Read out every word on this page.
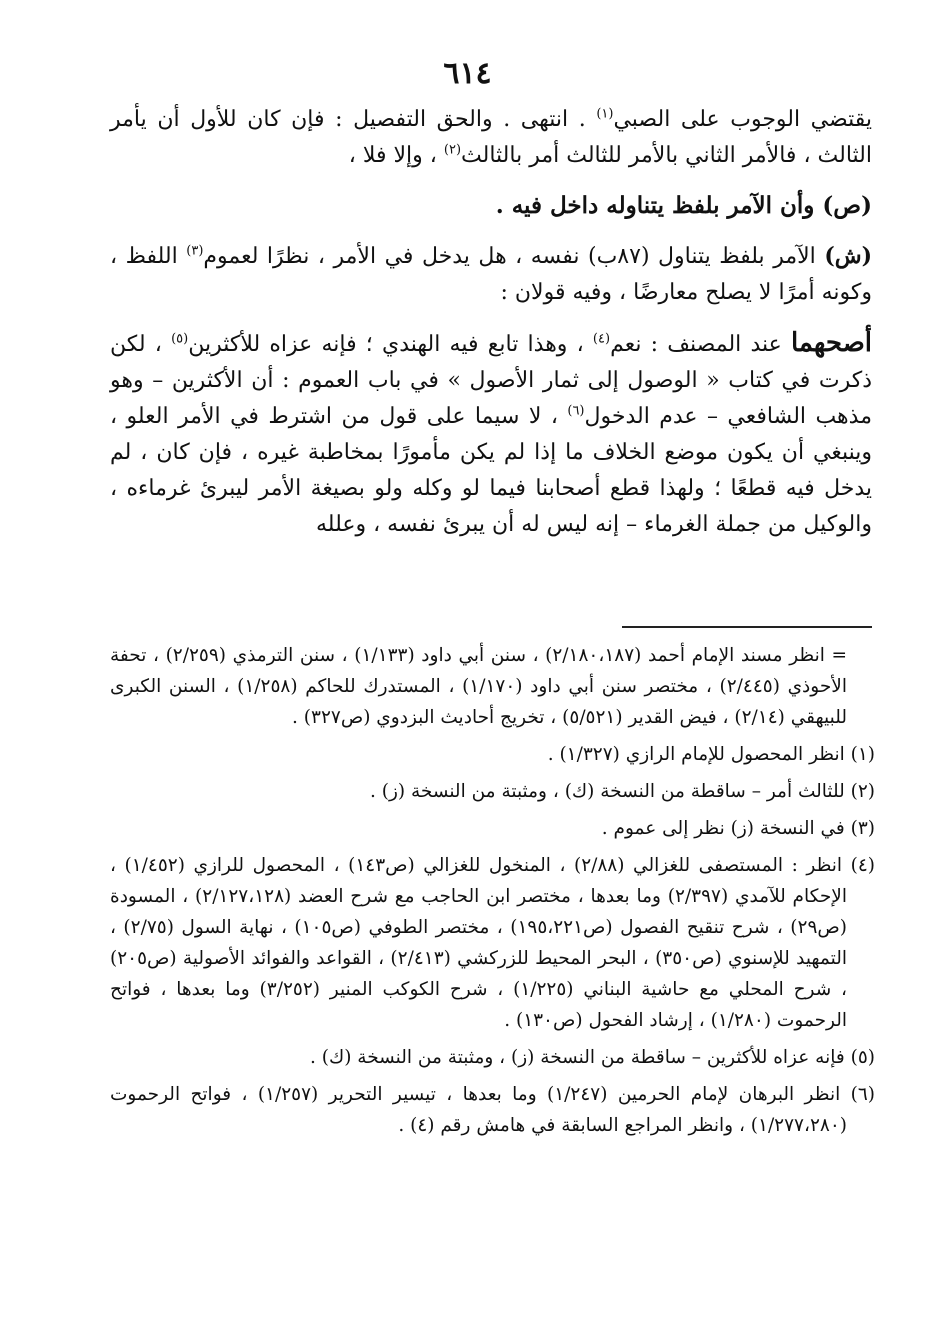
٦١٤

يقتضي الوجوب على الصبي$^{(١)}$ . انتهى . والحق التفصيل : فإن كان للأول أن يأمر الثالث ، فالأمر الثاني بالأمر للثالث أمر بالثالث$^{(٢)}$ ، وإلا فلا ،

(ص) وأن الآمر بلفظ يتناوله داخل فيه .

(ش) الآمر بلفظ يتناول (٨٧ب) نفسه ، هل يدخل في الأمر ، نظرًا لعموم$^{(٣)}$ اللفظ ، وكونه أمرًا لا يصلح معارضًا ، وفيه قولان :

أصحهما عند المصنف : نعم$^{(٤)}$ ، وهذا تابع فيه الهندي ؛ فإنه عزاه للأكثرين$^{(٥)}$ ، لكن ذكرت في كتاب « الوصول إلى ثمار الأصول » في باب العموم : أن الأكثرين – وهو مذهب الشافعي – عدم الدخول$^{(٦)}$ ، لا سيما على قول من اشترط في الأمر العلو ، وينبغي أن يكون موضع الخلاف ما إذا لم يكن مأمورًا بمخاطبة غيره ، فإن كان ، لم يدخل فيه قطعًا ؛ ولهذا قطع أصحابنا فيما لو وكله ولو بصيغة الأمر ليبرئ غرماءه ، والوكيل من جملة الغرماء – إنه ليس له أن يبرئ نفسه ، وعلله

= انظر مسند الإمام أحمد (٢/١٨٠،١٨٧) ، سنن أبي داود (١/١٣٣) ، سنن الترمذي (٢/٢٥٩) ، تحفة الأحوذي (٢/٤٤٥) ، مختصر سنن أبي داود (١/١٧٠) ، المستدرك للحاكم (١/٢٥٨) ، السنن الكبرى للبيهقي (٢/١٤) ، فيض القدير (٥/٥٢١) ، تخريج أحاديث البزدوي (ص٣٢٧) .

(١) انظر المحصول للإمام الرازي (١/٣٢٧) .

(٢) للثالث أمر – ساقطة من النسخة (ك) ، ومثبتة من النسخة (ز) .

(٣) في النسخة (ز) نظر إلى عموم .

(٤) انظر : المستصفى للغزالي (٢/٨٨) ، المنخول للغزالي (ص١٤٣) ، المحصول للرازي (١/٤٥٢) ، الإحكام للآمدي (٢/٣٩٧) وما بعدها ، مختصر ابن الحاجب مع شرح العضد (٢/١٢٧،١٢٨) ، المسودة (ص٢٩) ، شرح تنقيح الفصول (ص١٩٥،٢٢١) ، مختصر الطوفي (ص١٠٥) ، نهاية السول (٢/٧٥) ، التمهيد للإسنوي (ص٣٥٠) ، البحر المحيط للزركشي (٢/٤١٣) ، القواعد والفوائد الأصولية (ص٢٠٥) ، شرح المحلي مع حاشية البناني (١/٢٢٥) ، شرح الكوكب المنير (٣/٢٥٢) وما بعدها ، فواتح الرحموت (١/٢٨٠) ، إرشاد الفحول (ص١٣٠) .

(٥) فإنه عزاه للأكثرين – ساقطة من النسخة (ز) ، ومثبتة من النسخة (ك) .

(٦) انظر البرهان لإمام الحرمين (١/٢٤٧) وما بعدها ، تيسير التحرير (١/٢٥٧) ، فواتح الرحموت (١/٢٧٧،٢٨٠) ، وانظر المراجع السابقة في هامش رقم (٤) .
